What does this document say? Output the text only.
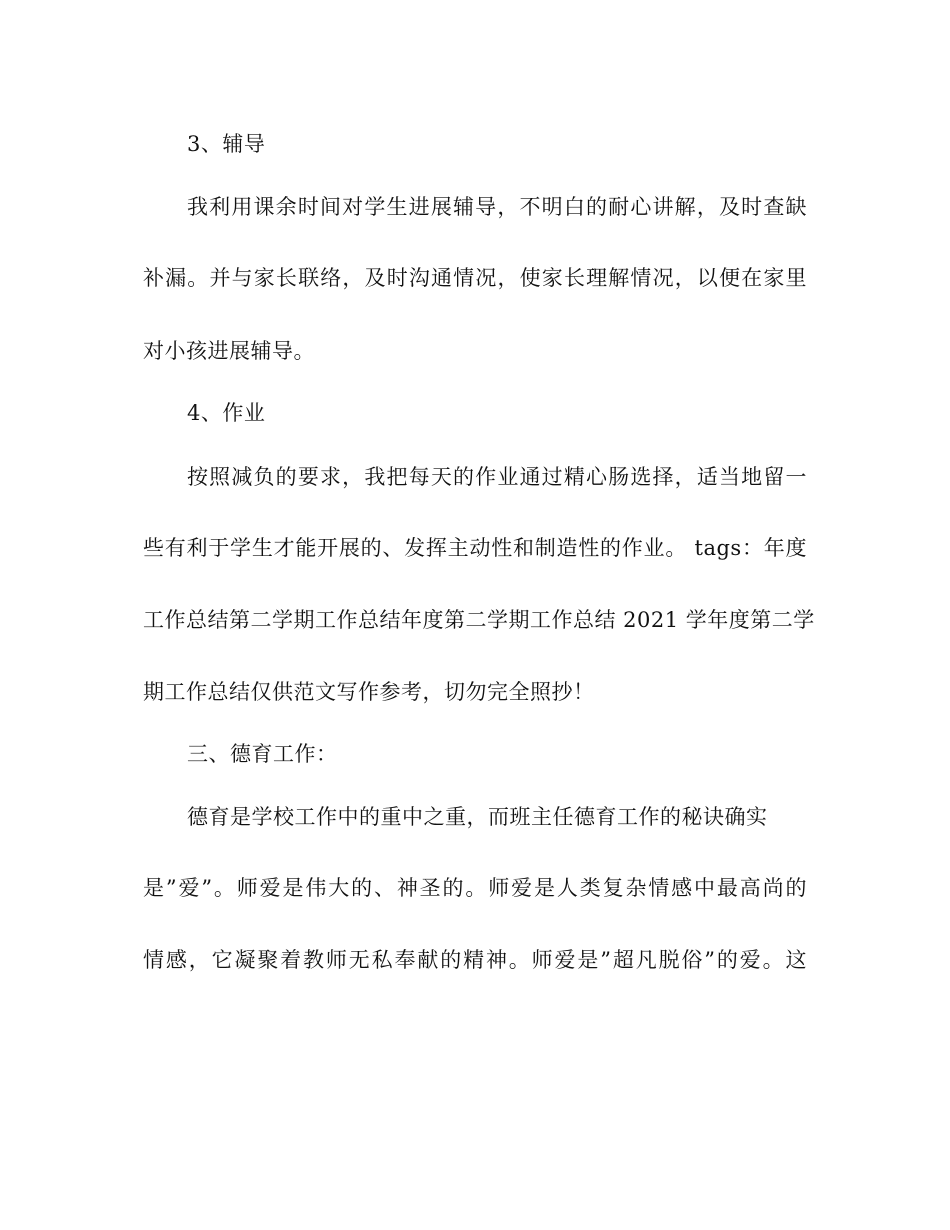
3、辅导
我利用课余时间对学生进展辅导，不明白的耐心讲解，及时查缺
补漏。并与家长联络，及时沟通情况，使家长理解情况，以便在家里
对小孩进展辅导。
4、作业
按照减负的要求，我把每天的作业通过精心肠选择，适当地留一
些有利于学生才能开展的、发挥主动性和制造性的作业。 tags：年度
工作总结第二学期工作总结年度第二学期工作总结 2021 学年度第二学
期工作总结仅供范文写作参考，切勿完全照抄！
三、德育工作：
德育是学校工作中的重中之重，而班主任德育工作的秘诀确实
是”爱”。师爱是伟大的、神圣的。师爱是人类复杂情感中最高尚的
情感，它凝聚着教师无私奉献的精神。师爱是”超凡脱俗”的爱。这
